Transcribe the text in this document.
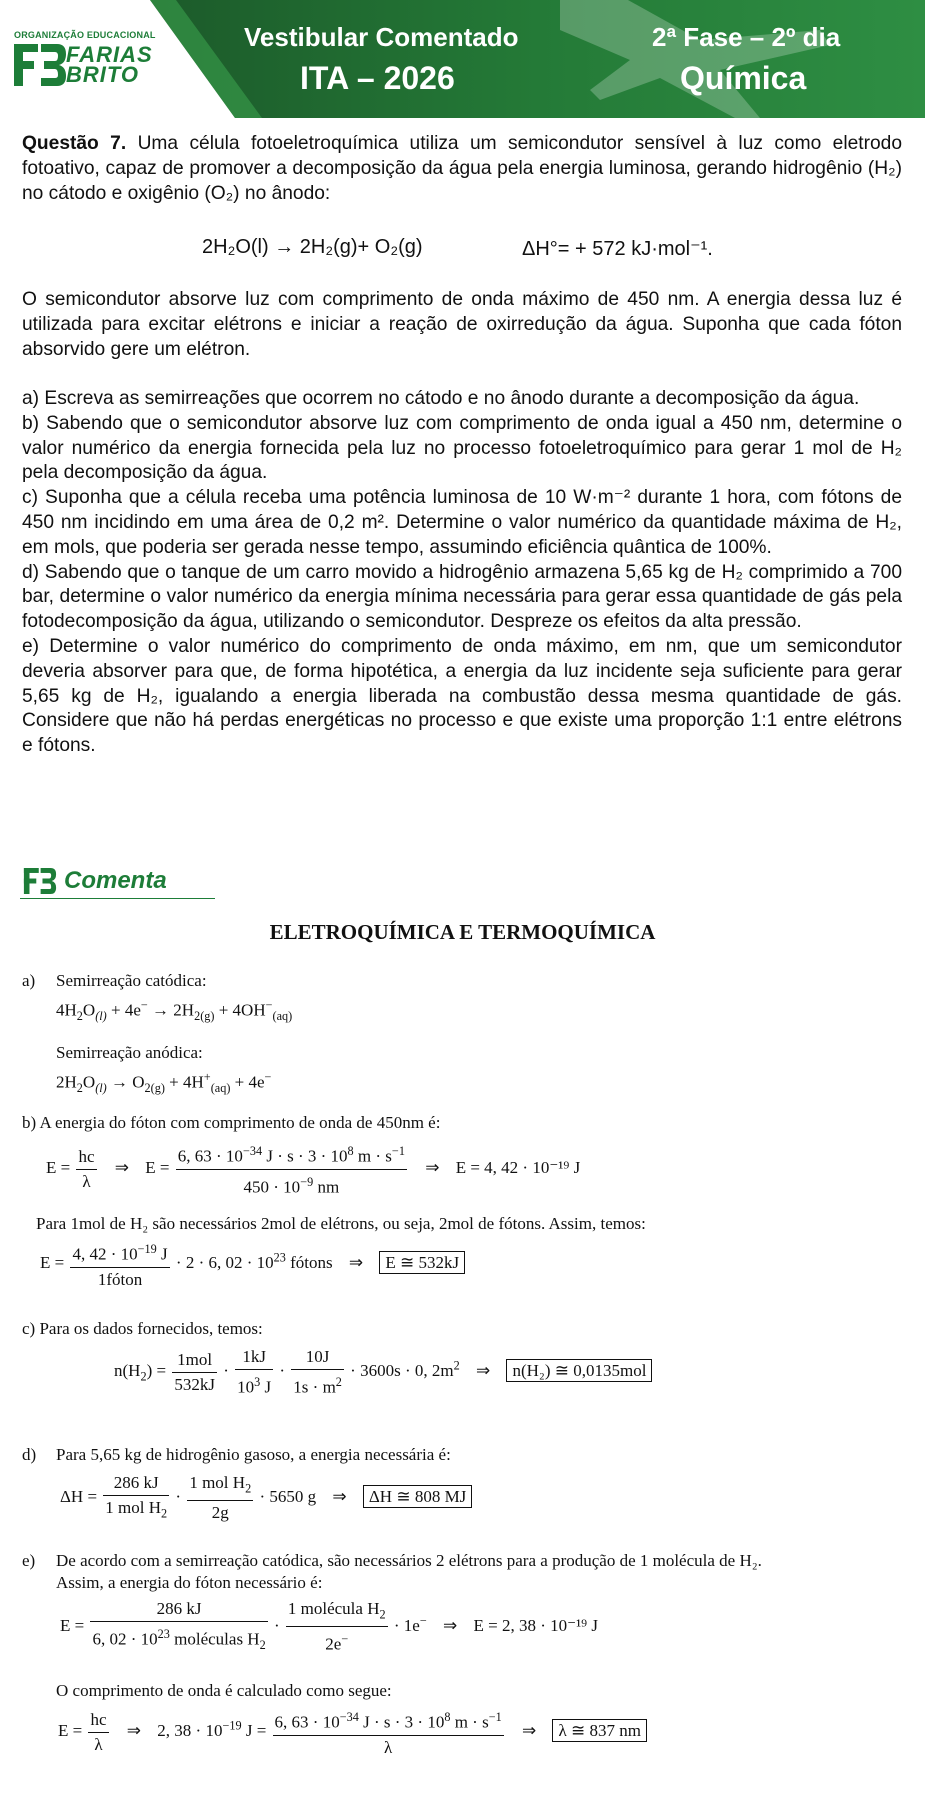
ORGANIZAÇÃO EDUCACIONAL
FARIAS
BRITO
Vestibular Comentado
ITA – 2026
2ª Fase – 2º dia
Química

Questão 7. Uma célula fotoeletroquímica utiliza um semicondutor sensível à luz como eletrodo fotoativo, capaz de promover a decomposição da água pela energia luminosa, gerando hidrogênio (H₂) no cátodo e oxigênio (O₂) no ânodo:

2H₂O(l) → 2H₂(g)+ O₂(g)	ΔH°= + 572 kJ·mol⁻¹.

O semicondutor absorve luz com comprimento de onda máximo de 450 nm. A energia dessa luz é utilizada para excitar elétrons e iniciar a reação de oxirredução da água. Suponha que cada fóton absorvido gere um elétron.

a) Escreva as semirreações que ocorrem no cátodo e no ânodo durante a decomposição da água.

b) Sabendo que o semicondutor absorve luz com comprimento de onda igual a 450 nm, determine o valor numérico da energia fornecida pela luz no processo fotoeletroquímico para gerar 1 mol de H₂ pela decomposição da água.

c) Suponha que a célula receba uma potência luminosa de 10 W·m⁻² durante 1 hora, com fótons de 450 nm incidindo em uma área de 0,2 m². Determine o valor numérico da quantidade máxima de H₂, em mols, que poderia ser gerada nesse tempo, assumindo eficiência quântica de 100%.

d) Sabendo que o tanque de um carro movido a hidrogênio armazena 5,65 kg de H₂ comprimido a 700 bar, determine o valor numérico da energia mínima necessária para gerar essa quantidade de gás pela fotodecomposição da água, utilizando o semicondutor. Despreze os efeitos da alta pressão.

e) Determine o valor numérico do comprimento de onda máximo, em nm, que um semicondutor deveria absorver para que, de forma hipotética, a energia da luz incidente seja suficiente para gerar 5,65 kg de H₂, igualando a energia liberada na combustão dessa mesma quantidade de gás. Considere que não há perdas energéticas no processo e que existe uma proporção 1:1 entre elétrons e fótons.

Comenta
ELETROQUÍMICA E TERMOQUÍMICA
a) Semirreação catódica:
$4H_2O_{(l)} + 4e^- \to 2H_{2(g)} + 4OH^-_{(aq)}$
Semirreação anódica:
$2H_2O_{(l)} \to O_{2(g)} + 4H^+_{(aq)} + 4e^-$
b) A energia do fóton com comprimento de onda de 450nm é:
$E = \frac{hc}{\lambda}$ ⇒ $E = \frac{6, 63 \cdot 10^{-34} J \cdot s \cdot 3 \cdot 10^8 m \cdot s^{-1}}{450 \cdot 10^{-9} nm}$ ⇒ E = 4, 42 · 10⁻¹⁹ J
Para 1mol de H₂ são necessários 2mol de elétrons, ou seja, 2mol de fótons. Assim, temos:
$E = \frac{4, 42 \cdot 10^{-19} J}{\text{1fóton}} \cdot 2 \cdot 6$, $02 \cdot 10^{23}$ fótons ⇒ E ≅ 532kJ
c) Para os dados fornecidos, temos:
$n(H_2) = \frac{\text{1mol}}{532kJ} \cdot \frac{1kJ}{10^3 J} \cdot \frac{10J}{1s \cdot m^2} \cdot 3600s \cdot 0$, $2m^2$ ⇒ n(H₂) ≅ 0,0135mol
d) Para 5,65 kg de hidrogênio gasoso, a energia necessária é:
$\Delta H = \frac{286 kJ}{1 mol H_2} \cdot \frac{1 mol H_2}{2g} \cdot 5650$ g ⇒ ΔH ≅ 808 MJ
e) De acordo com a semirreação catódica, são necessários 2 elétrons para a produção de 1 molécula de H₂.
Assim, a energia do fóton necessário é:
$E = \frac{286 kJ}{6, 02 \cdot 10^{23} moléculas H_2} \cdot \frac{1 molécula H_2}{2e^-} \cdot 1e^-$ ⇒ E = 2, 38 · 10⁻¹⁹ J
O comprimento de onda é calculado como segue:
$E = \frac{hc}{\lambda}$ ⇒ 2, $38 \cdot 10^{-19}$ $J = \frac{6, 63 \cdot 10^{-34} J \cdot s \cdot 3 \cdot 10^8 m \cdot s^{-1}}{\lambda}$ ⇒ λ ≅ 837 nm
